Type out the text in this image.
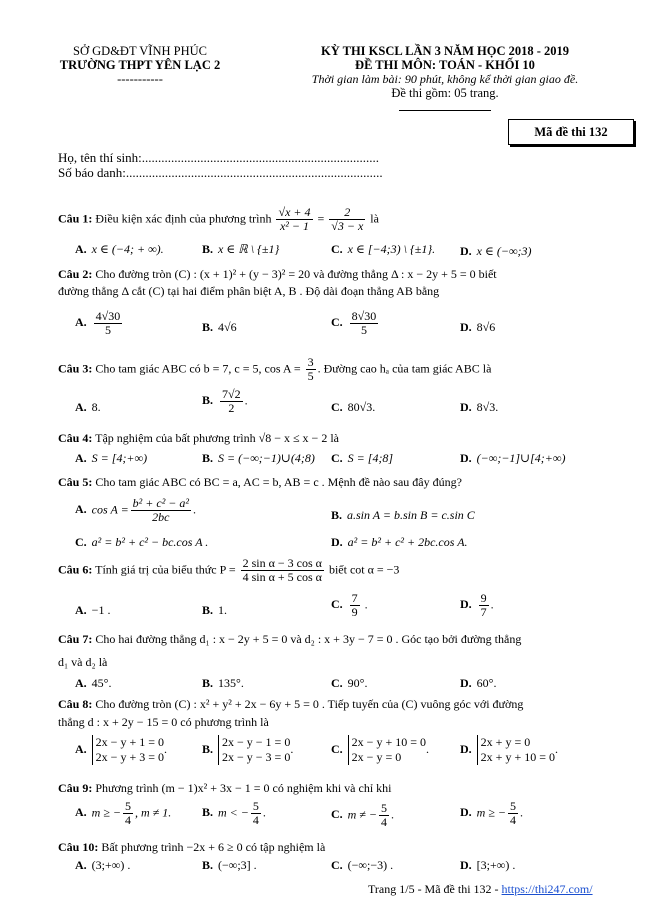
SỞ GD&ĐT VĨNH PHÚC
TRƯỜNG THPT YÊN LẠC 2
-----------
KỲ THI KSCL LẦN 3 NĂM HỌC 2018 - 2019
ĐỀ THI MÔN: TOÁN - KHỐI 10
Thời gian làm bài: 90 phút, không kể thời gian giao đề.
Đề thi gồm: 05 trang.
Mã đề thi 132
Họ, tên thí sinh:.........................................................................
Số báo danh:...............................................................................
Câu 1: Điều kiện xác định của phương trình $\frac{√x + 4}{\text{x² − 1}} = \frac{2}{√3 - x}$ là
A. x ∈ (−4; + ∞).	B. x ∈ ℝ \ {±1}	C. x ∈ [−4;3) \ {±1}. D. x ∈ (−∞;3)
Câu 2: Cho đường tròn (C) : (x + 1)² + (y − 3)² = 20 và đường thẳng Δ : x − 2y + 5 = 0 biết
đường thẳng Δ cắt (C) tại hai điểm phân biệt A, B . Độ dài đoạn thẳng AB bằng
A. $\frac{4√30}{5}$	B. 4√6	C. $\frac{8√30}{5}$	D. 8√6
Câu 3: Cho tam giác ABC có b = 7, c = 5, $\cos A = \frac{3}{5}$ . Đường cao hₐ của tam giác ABC là
A. 8.	B. $\frac{7√2}{2}$ .	C. 80√3.	D. 8√3.
Câu 4: Tập nghiệm của bất phương trình √8 − x ≤ x − 2 là
A. S = [4;+∞)	B. S = (−∞;−1)∪(4;8) C. S = [4;8]	D. (−∞;−1]∪[4;+∞)
Câu 5: Cho tam giác ABC có BC = a, AC = b, AB = c . Mệnh đề nào sau đây đúng?
A. $\cos A = \frac{\text{b² + c² − a²}}{2bc}$ .	B. a.sin A = b.sin B = c.sin C
C. a² = b² + c² − bc.cos A .	D. a² = b² + c² + 2bc.cos A.
Câu 6: Tính giá trị của biểu thức $P = \frac{\text{2 sin α − 3 cos α}}{\text{4 sin α + 5 cos α}}$ biết cot α = −3
A. −1 .	B. 1.	C. $\frac{7}{9}$ .	D. $\frac{9}{7}$ .
Câu 7: Cho hai đường thẳng d₁ : x − 2y + 5 = 0 và d₂ : x + 3y − 7 = 0 . Góc tạo bởi đường thẳng
d₁ và d₂ là
A. 45°.	B. 135°.	C. 90°.	D. 60°.
Câu 8: Cho đường tròn (C) : x² + y² + 2x − 6y + 5 = 0 . Tiếp tuyến của (C) vuông góc với đường
thẳng d : x + 2y − 15 = 0 có phương trình là
A. 2x − y + 1 = 0
2x − y + 3 = 0
.	B. 2x − y − 1 = 0
2x − y − 3 = 0
.	C. 2x − y + 10 = 0
2x − y = 0
.	D. 2x + y = 0
2x + y + 10 = 0
.
Câu 9: Phương trình (m − 1)x² + 3x − 1 = 0 có nghiệm khi và chỉ khi
A. m ≥ − $\frac{5}{4}$ , m ≠ 1.	B. m < − $\frac{5}{4}$ .	C. m ≠ − $\frac{5}{4}$ .	D. m ≥ − $\frac{5}{4}$ .
Câu 10: Bất phương trình −2x + 6 ≥ 0 có tập nghiệm là
A. (3;+∞) .	B. (−∞;3] .	C. (−∞;−3) .	D. [3;+∞) .
Trang 1/5 - Mã đề thi 132 - https://thi247.com/
